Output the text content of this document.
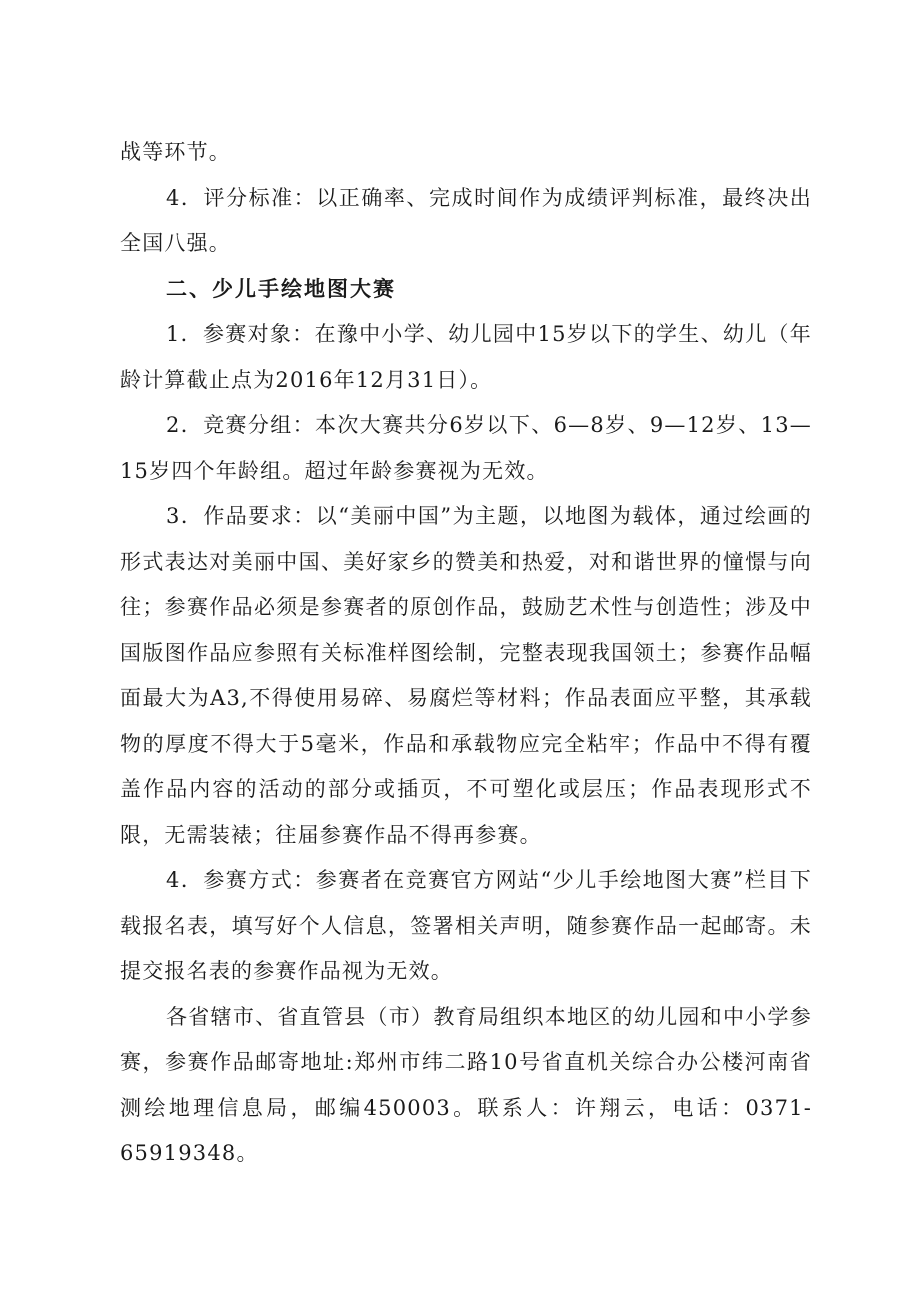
战等环节。

4．评分标准：以正确率、完成时间作为成绩评判标准，最终决出全国八强。

二、少儿手绘地图大赛

1．参赛对象：在豫中小学、幼儿园中15岁以下的学生、幼儿（年龄计算截止点为2016年12月31日）。

2．竞赛分组：本次大赛共分6岁以下、6—8岁、9—12岁、13—15岁四个年龄组。超过年龄参赛视为无效。

3．作品要求：以“美丽中国”为主题，以地图为载体，通过绘画的形式表达对美丽中国、美好家乡的赞美和热爱，对和谐世界的憧憬与向往；参赛作品必须是参赛者的原创作品，鼓励艺术性与创造性；涉及中国版图作品应参照有关标准样图绘制，完整表现我国领土；参赛作品幅面最大为A3,不得使用易碎、易腐烂等材料；作品表面应平整，其承载物的厚度不得大于5毫米，作品和承载物应完全粘牢；作品中不得有覆盖作品内容的活动的部分或插页，不可塑化或层压；作品表现形式不限，无需装裱；往届参赛作品不得再参赛。

4．参赛方式：参赛者在竞赛官方网站“少儿手绘地图大赛”栏目下载报名表，填写好个人信息，签署相关声明，随参赛作品一起邮寄。未提交报名表的参赛作品视为无效。

各省辖市、省直管县（市）教育局组织本地区的幼儿园和中小学参赛，参赛作品邮寄地址:郑州市纬二路10号省直机关综合办公楼河南省测绘地理信息局，邮编450003。联系人：许翔云，电话：0371-65919348。
